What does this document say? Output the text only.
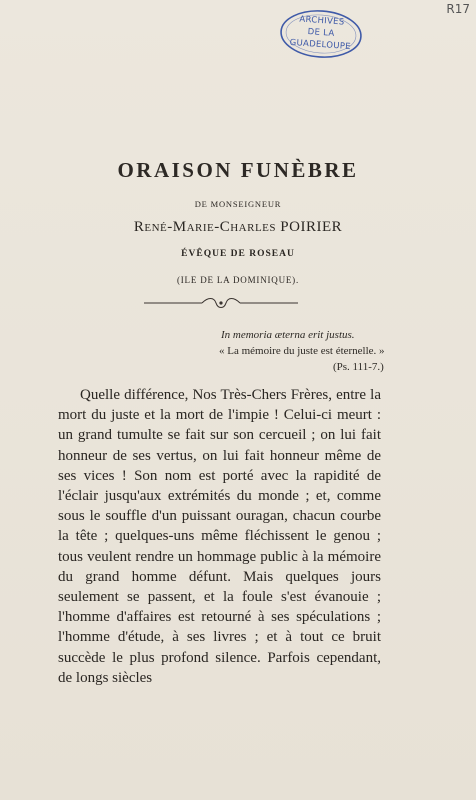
R17
ARCHIVES
DE LA
GUADELOUPE
ORAISON FUNÈBRE
DE MONSEIGNEUR
René-Marie-Charles POIRIER
ÉVÊQUE DE ROSEAU
(ILE DE LA DOMINIQUE).
In memoria æterna erit justus.
« La mémoire du juste est éternelle. »
(Ps. 111-7.)
Quelle différence, Nos Très-Chers Frères, entre la mort du juste et la mort de l'impie ! Celui-ci meurt : un grand tumulte se fait sur son cercueil ; on lui fait honneur de ses vertus, on lui fait honneur même de ses vices ! Son nom est porté avec la rapidité de l'éclair jusqu'aux extrémités du monde ; et, comme sous le souffle d'un puissant ouragan, chacun courbe la tête ; quelques-uns même fléchissent le genou ; tous veulent rendre un hommage public à la mémoire du grand homme défunt. Mais quelques jours seulement se passent, et la foule s'est évanouie ; l'homme d'affaires est retourné à ses spéculations ; l'homme d'étude, à ses livres ; et à tout ce bruit succède le plus profond silence. Parfois cependant, de longs siècles
